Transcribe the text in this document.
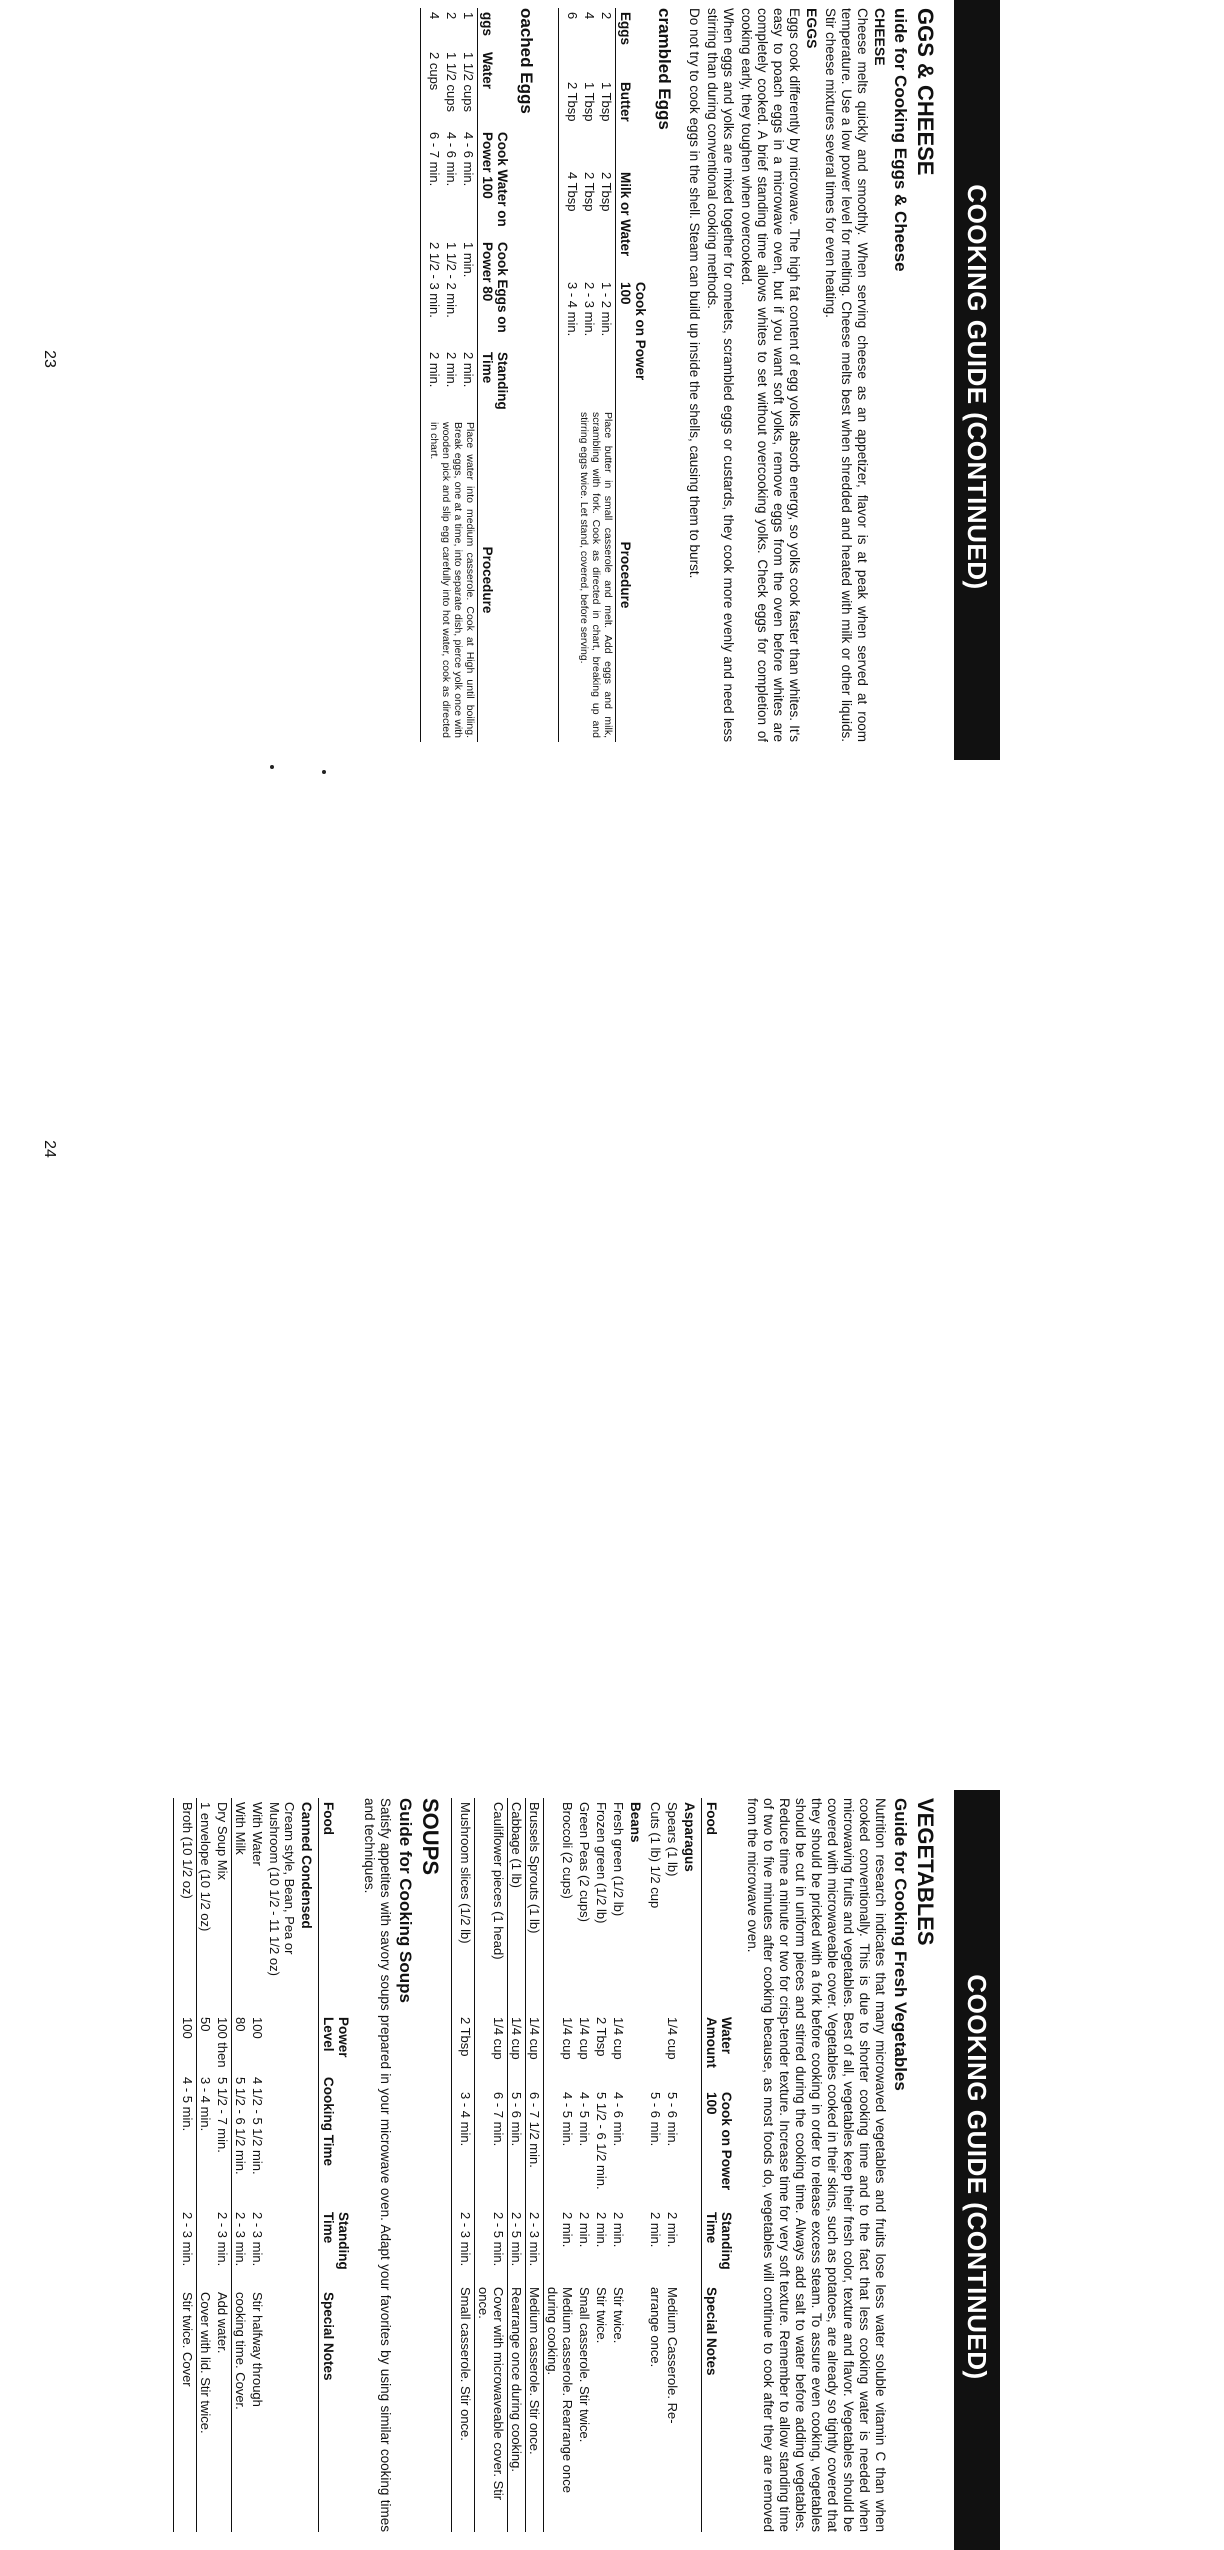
COOKING GUIDE (CONTINUED)
GGS & CHEESE
uide for Cooking Eggs & Cheese
CHEESE

Cheese melts quickly and smoothly. When serving cheese as an appetizer, flavor is at peak when served at room temperature. Use a low power level for melting. Cheese melts best when shredded and heated with milk or other liquids. Stir cheese mixtures several times for even heating.

EGGS

Eggs cook differently by microwave. The high fat content of egg yolks absorb energy, so yolks cook faster than whites. It's easy to poach eggs in a microwave oven, but if you want soft yolks, remove eggs from the oven before whites are completely cooked. A brief standing time allows whites to set without overcooking yolks. Check eggs for completion of cooking early, they toughen when overcooked.

When eggs and yolks are mixed together for omelets, scrambled eggs or custards, they cook more evenly and need less stirring than during conventional cooking methods.

Do not try to cook eggs in the shell. Steam can build up inside the shells, causing them to burst.

crambled Eggs
Eggs	Butter	Milk or Water	Cook on Power 100	Procedure
2	1 Tbsp	2 Tbsp	1 - 2 min.	Place butter in small casserole and melt. Add eggs and milk, scrambling with fork. Cook as directed in chart, breaking up and stirring eggs twice. Let stand, covered, before serving.
4	1 Tbsp	2 Tbsp	2 - 3 min.	
6	2 Tbsp	4 Tbsp	3 - 4 min.	
oached Eggs
ggs	Water	Cook Water on Power 100	Cook Eggs on Power 80	Standing Time	Procedure
1	1 1/2 cups	4 - 6 min.	1 min.	2 min.	Place water into medium casserole. Cook at High until boiling. Break eggs, one at a time, into separate dish, pierce yolk once with wooden pick and slip egg carefully into hot water, cook as directed in chart.
2	1 1/2 cups	4 - 6 min.	1 1/2 - 2 min.	2 min.	
4	2 cups	6 - 7 min.	2 1/2 - 3 min.	2 min.	
COOKING GUIDE (CONTINUED)
VEGETABLES
Guide for Cooking Fresh Vegetables

Nutrition research indicates that many microwaved vegetables and fruits lose less water soluble vitamin C than when cooked conventionally. This is due to shorter cooking time and to the fact that less cooking water is needed when microwaving fruits and vegetables. Best of all, vegetables keep their fresh color, texture and flavor. Vegetables should be covered with microwaveable cover. Vegetables cooked in their skins, such as potatoes, are already so tightly covered that they should be pricked with a fork before cooking in order to release excess steam. To assure even cooking, vegetables should be cut in uniform pieces and stirred during the cooking time. Always add salt to water before adding vegetables. Reduce time a minute or two for crisp-tender texture. Increase time for very soft texture. Remember to allow standing time of two to five minutes after cooking because, as most foods do, vegetables will continue to cook after they are removed from the microwave oven.

Food	Water Amount	Cook on Power 100	Standing Time	Special Notes
Asparagus				
Spears (1 lb)	1/4 cup	5 - 6 min.	2 min.	Medium Casserole. Re-
Cuts (1 lb) 1/2 cup		5 - 6 min.	2 min.	arrange once.
Beans				
Fresh green (1/2 lb)	1/4 cup	4 - 6 min.	2 min.	Stir twice.
Frozen green (1/2 lb)	2 Tbsp	5 1/2 - 6 1/2 min.	2 min.	Stir twice.
Green Peas (2 cups)	1/4 cup	4 - 5 min.	2 min.	Small casserole. Stir twice.
Broccoli (2 cups)	1/4 cup	4 - 5 min.	2 min.	Medium casserole. Rearrange once during cooking.
Brussels Sprouts (1 lb)	1/4 cup	6 - 7 1/2 min.	2 - 3 min.	Medium casserole. Stir once.
Cabbage (1 lb)	1/4 cup	5 - 6 min.	2 - 5 min.	Rearrange once during cooking.
Cauliflower pieces (1 head)	1/4 cup	6 - 7 min.	2 - 5 min.	Cover with microwaveable cover. Stir once.
Mushroom slices (1/2 lb)	2 Tbsp	3 - 4 min.	2 - 3 min.	Small casserole. Stir once.
SOUPS
Guide for Cooking Soups

Satisfy appetites with savory soups prepared in your microwave oven. Adapt your favorites by using similar cooking times and techniques.

Food	Power Level	Cooking Time	Standing Time	Special Notes
Canned Condensed				
Cream style, Bean, Pea or Mushroom (10 1/2 - 11 1/2 oz)				
With Water	100	4 1/2 - 5 1/2 min.	2 - 3 min.	Stir halfway through
With Milk	80	5 1/2 - 6 1/2 min.	2 - 3 min.	cooking time. Cover.
Dry Soup Mix	100 then	5 1/2 - 7 min.	2 - 3 min.	Add water.
1 envelope (10 1/2 oz)	50	3 - 4 min.		Cover with lid. Stir twice.
Broth (10 1/2 oz)	100	4 - 5 min.	2 - 3 min.	Stir twice. Cover
23
24
